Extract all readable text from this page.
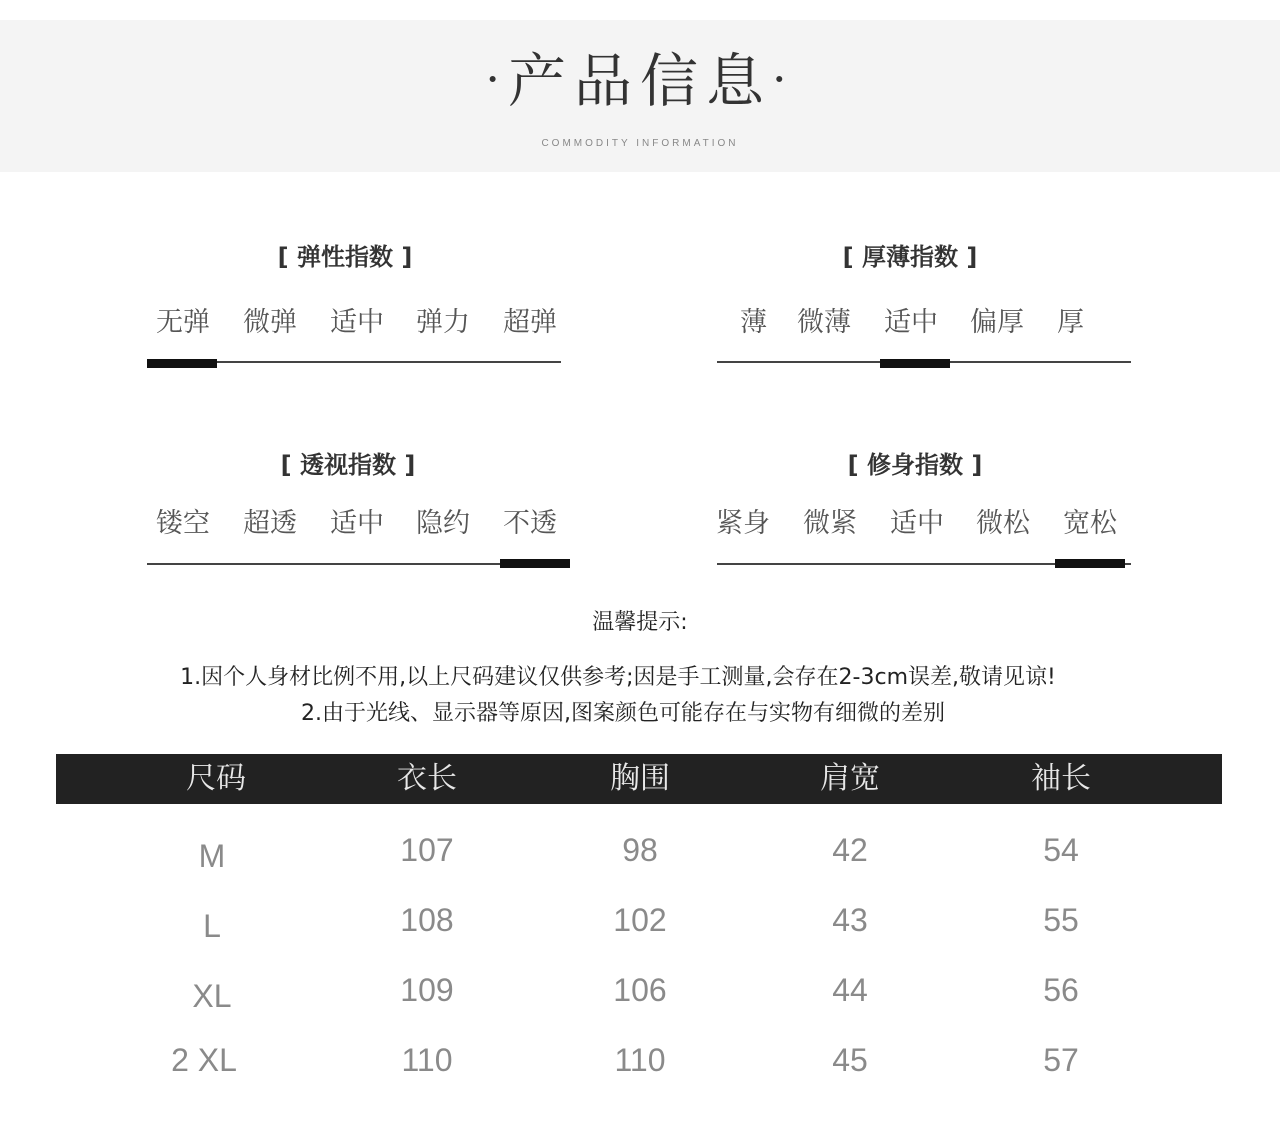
·产品信息·
COMMODITY INFORMATION
[ 弹性指数 ]
无弹 微弹 适中 弹力 超弹
[ 厚薄指数 ]
薄 微薄 适中 偏厚 厚
[ 透视指数 ]
镂空 超透 适中 隐约 不透
[ 修身指数 ]
紧身 微紧 适中 微松 宽松
温馨提示:
1.因个人身材比例不用,以上尺码建议仅供参考;因是手工测量,会存在2-3cm误差,敬请见谅!
2.由于光线、显示器等原因,图案颜色可能存在与实物有细微的差别
尺码	衣长	胸围	肩宽	袖长
M	107	98	42	54
L	108	102	43	55
XL	109	106	44	56
2 XL	110	110	45	57
